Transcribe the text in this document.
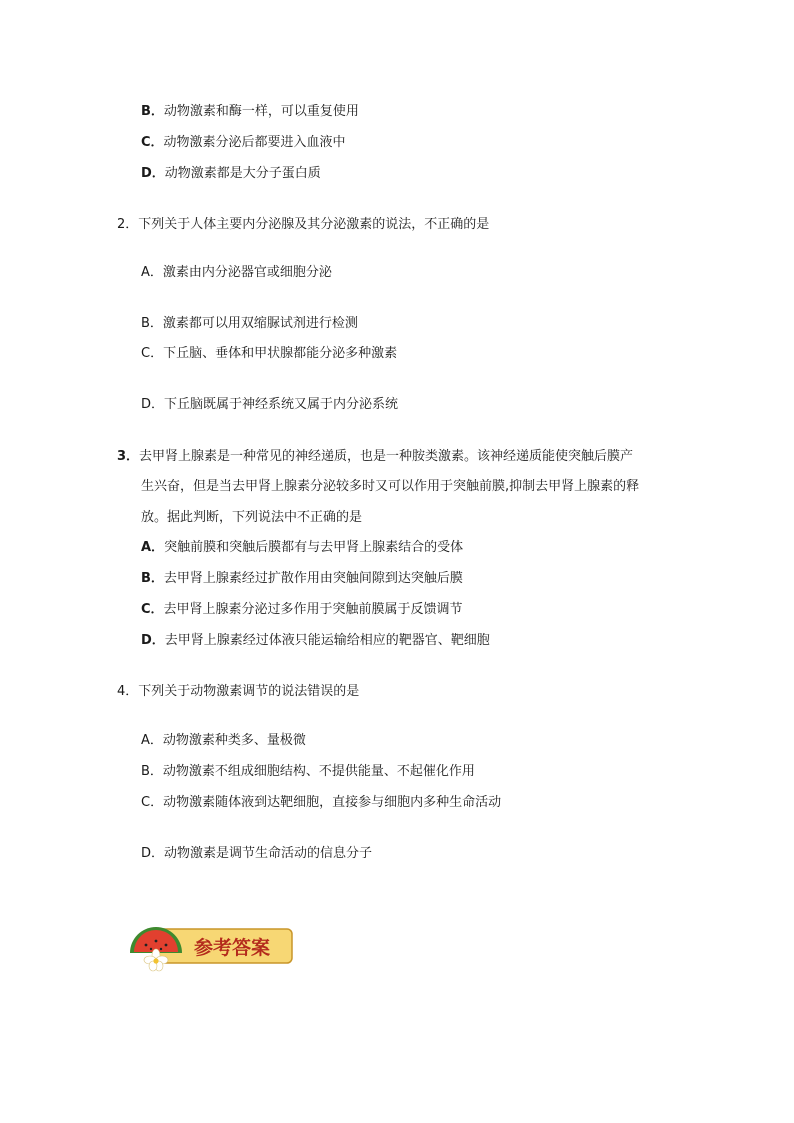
B．动物激素和酶一样，可以重复使用
C．动物激素分泌后都要进入血液中
D．动物激素都是大分子蛋白质
2．下列关于人体主要内分泌腺及其分泌激素的说法，不正确的是
A．激素由内分泌器官或细胞分泌
B．激素都可以用双缩脲试剂进行检测
C．下丘脑、垂体和甲状腺都能分泌多种激素
D．下丘脑既属于神经系统又属于内分泌系统
3．去甲肾上腺素是一种常见的神经递质，也是一种胺类激素。该神经递质能使突触后膜产
生兴奋，但是当去甲肾上腺素分泌较多时又可以作用于突触前膜,抑制去甲肾上腺素的释
放。据此判断，下列说法中不正确的是
A．突触前膜和突触后膜都有与去甲肾上腺素结合的受体
B．去甲肾上腺素经过扩散作用由突触间隙到达突触后膜
C．去甲肾上腺素分泌过多作用于突触前膜属于反馈调节
D．去甲肾上腺素经过体液只能运输给相应的靶器官、靶细胞
4．下列关于动物激素调节的说法错误的是
A．动物激素种类多、量极微
B．动物激素不组成细胞结构、不提供能量、不起催化作用
C．动物激素随体液到达靶细胞，直接参与细胞内多种生命活动
D．动物激素是调节生命活动的信息分子
参考答案
